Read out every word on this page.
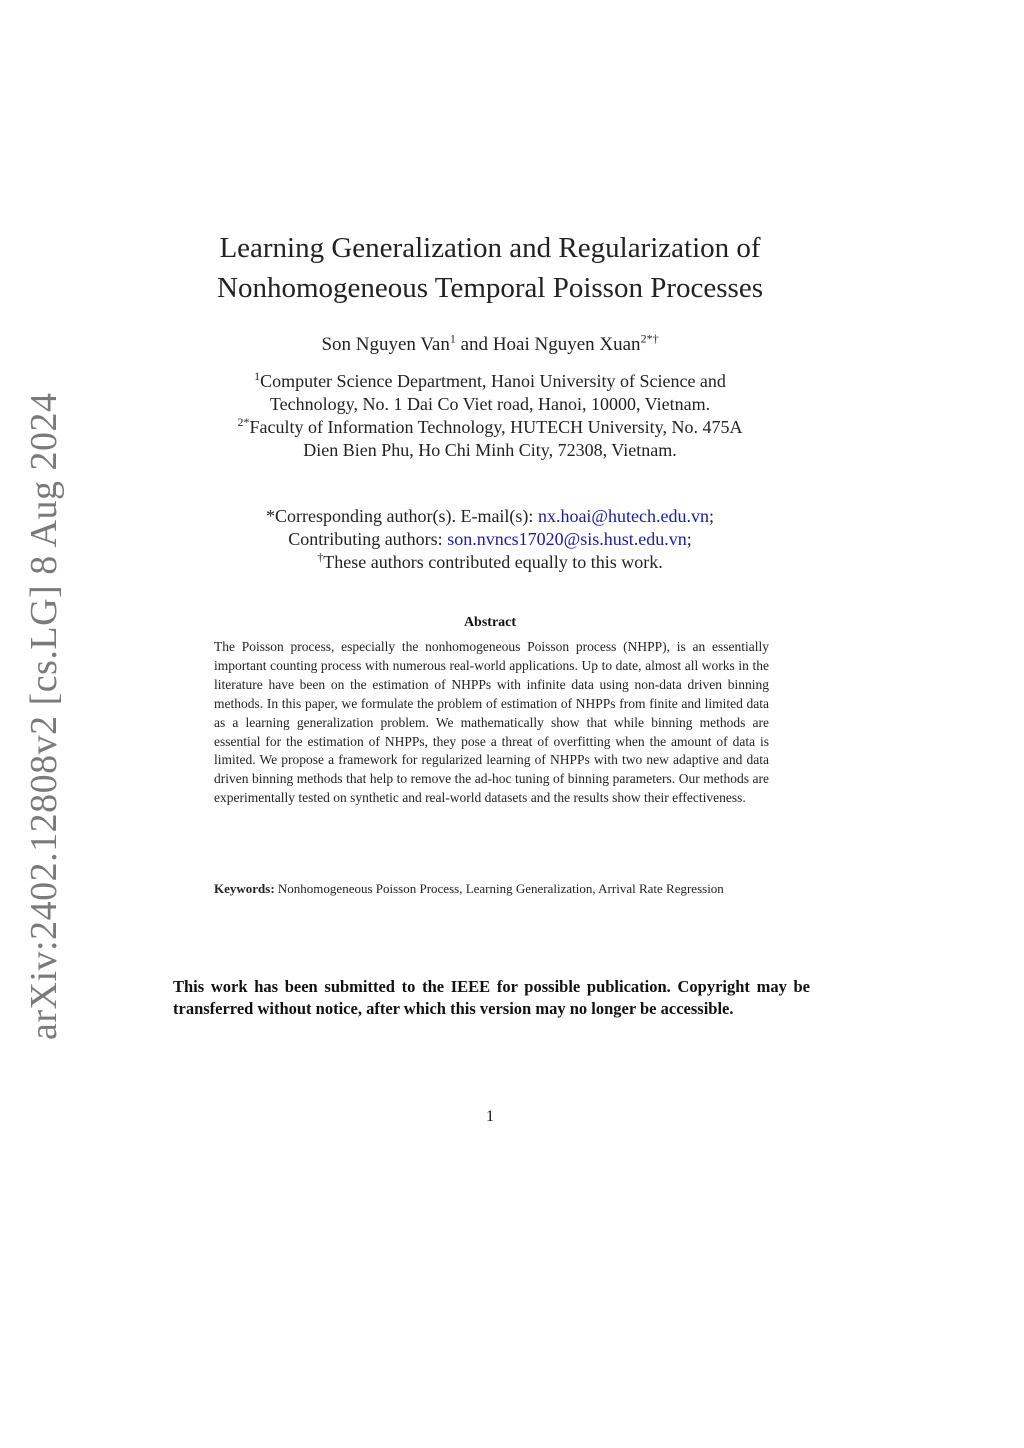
arXiv:2402.12808v2 [cs.LG] 8 Aug 2024
Learning Generalization and Regularization of
Nonhomogeneous Temporal Poisson Processes
Son Nguyen Van$^1$ and Hoai Nguyen Xuan$^{2*\dagger}$
$^1$Computer Science Department, Hanoi University of Science and
Technology, No. 1 Dai Co Viet road, Hanoi, 10000, Vietnam.
$^{2*}$Faculty of Information Technology, HUTECH University, No. 475A
Dien Bien Phu, Ho Chi Minh City, 72308, Vietnam.
*Corresponding author(s). E-mail(s): nx.hoai@hutech.edu.vn;
Contributing authors: son.nvncs17020@sis.hust.edu.vn;
†These authors contributed equally to this work.
Abstract
The Poisson process, especially the nonhomogeneous Poisson process (NHPP), is an essentially important counting process with numerous real-world applications. Up to date, almost all works in the literature have been on the estimation of NHPPs with infinite data using non-data driven binning methods. In this paper, we formulate the problem of estimation of NHPPs from finite and limited data as a learning generalization problem. We mathematically show that while binning methods are essential for the estimation of NHPPs, they pose a threat of overfitting when the amount of data is limited. We propose a framework for regularized learning of NHPPs with two new adaptive and data driven binning methods that help to remove the ad-hoc tuning of binning parameters. Our methods are experimentally tested on synthetic and real-world datasets and the results show their effectiveness.
Keywords: Nonhomogeneous Poisson Process, Learning Generalization, Arrival Rate Regression
This work has been submitted to the IEEE for possible publication. Copyright may be transferred without notice, after which this version may no longer be accessible.
1
